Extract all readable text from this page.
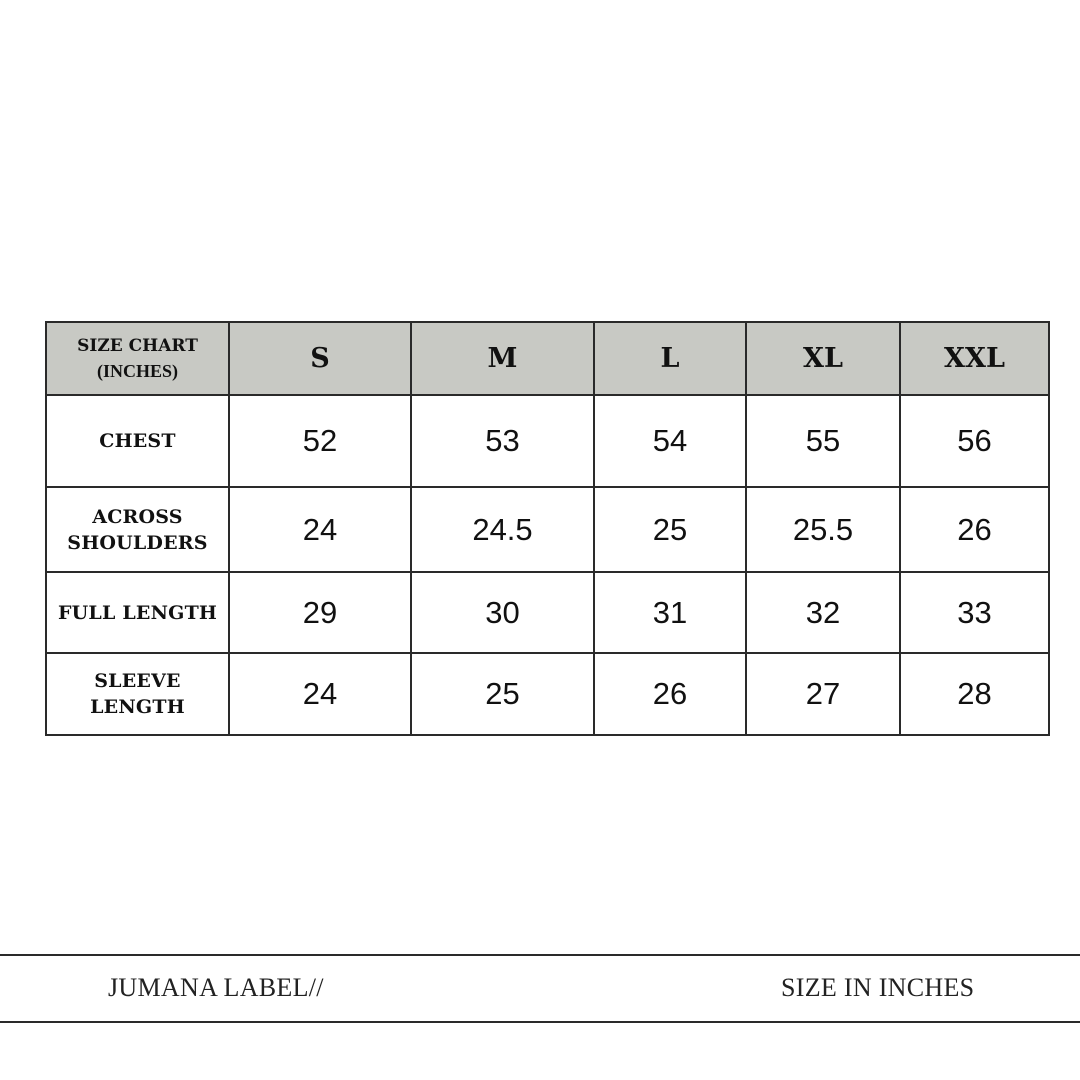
SIZE CHART
(INCHES)	S	M	L	XL	XXL
CHEST	52	53	54	55	56
ACROSS
SHOULDERS	24	24.5	25	25.5	26
FULL LENGTH	29	30	31	32	33
SLEEVE
LENGTH	24	25	26	27	28
JUMANA LABEL//	SIZE IN INCHES
